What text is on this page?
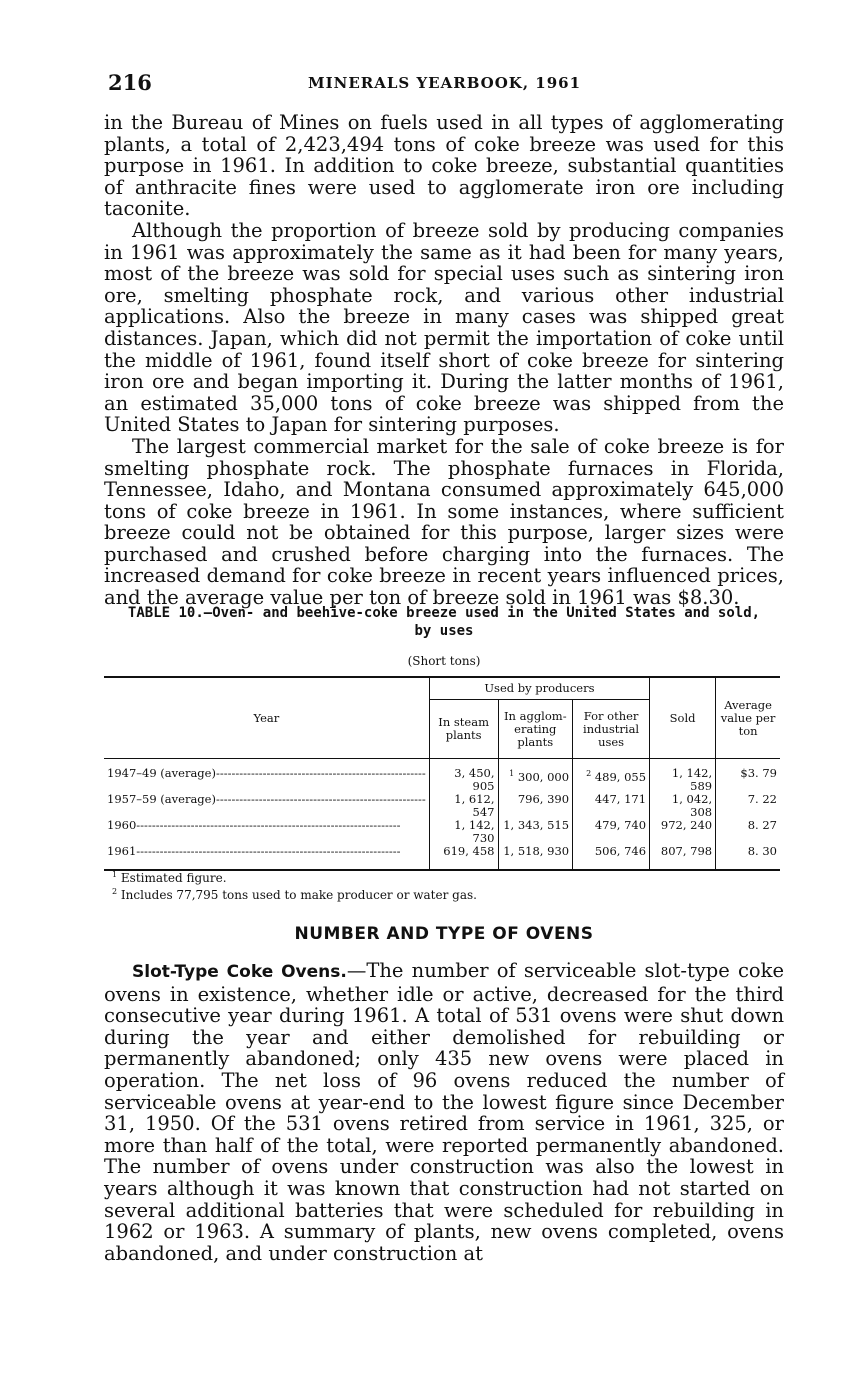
216	MINERALS YEARBOOK, 1961

in the Bureau of Mines on fuels used in all types of agglomerating plants, a total of 2,423,494 tons of coke breeze was used for this purpose in 1961. In addition to coke breeze, substantial quantities of anthracite fines were used to agglomerate iron ore including taconite.

Although the proportion of breeze sold by producing companies in 1961 was approximately the same as it had been for many years, most of the breeze was sold for special uses such as sintering iron ore, smelting phosphate rock, and various other industrial applications. Also the breeze in many cases was shipped great distances. Japan, which did not permit the importation of coke until the middle of 1961, found itself short of coke breeze for sintering iron ore and began importing it. During the latter months of 1961, an estimated 35,000 tons of coke breeze was shipped from the United States to Japan for sintering purposes.

The largest commercial market for the sale of coke breeze is for smelting phosphate rock. The phosphate furnaces in Florida, Tennessee, Idaho, and Montana consumed approximately 645,000 tons of coke breeze in 1961. In some instances, where sufficient breeze could not be obtained for this purpose, larger sizes were purchased and crushed before charging into the furnaces. The increased demand for coke breeze in recent years influenced prices, and the average value per ton of breeze sold in 1961 was $8.30.

TABLE 10.—Oven- and beehive-coke breeze used in the United States and sold,
by uses
(Short tons)
Year	Used by producers			Sold	Average value per ton
	In steam plants	In agglom-erating plants	For other industrial uses		

1947–49 (average)------------------------------------------------------	3, 450, 905	$^1$ 300, 000	$^2$ 489, 055	1, 142, 589	$3. 79
1957–59 (average)------------------------------------------------------	1, 612, 547	796, 390	447, 171	1, 042, 308	7. 22
1960--------------------------------------------------------------------	1, 142, 730	1, 343, 515	479, 740	972, 240	8. 27
1961--------------------------------------------------------------------	619, 458	1, 518, 930	506, 746	807, 798	8. 30

$^1$ Estimated figure.
$^2$ Includes 77,795 tons used to make producer or water gas.
NUMBER AND TYPE OF OVENS

Slot-Type Coke Ovens.—The number of serviceable slot-type coke ovens in existence, whether idle or active, decreased for the third consecutive year during 1961. A total of 531 ovens were shut down during the year and either demolished for rebuilding or permanently abandoned; only 435 new ovens were placed in operation. The net loss of 96 ovens reduced the number of serviceable ovens at year-end to the lowest figure since December 31, 1950. Of the 531 ovens retired from service in 1961, 325, or more than half of the total, were reported permanently abandoned. The number of ovens under construction was also the lowest in years although it was known that construction had not started on several additional batteries that were scheduled for rebuilding in 1962 or 1963. A summary of plants, new ovens completed, ovens abandoned, and under construction at
